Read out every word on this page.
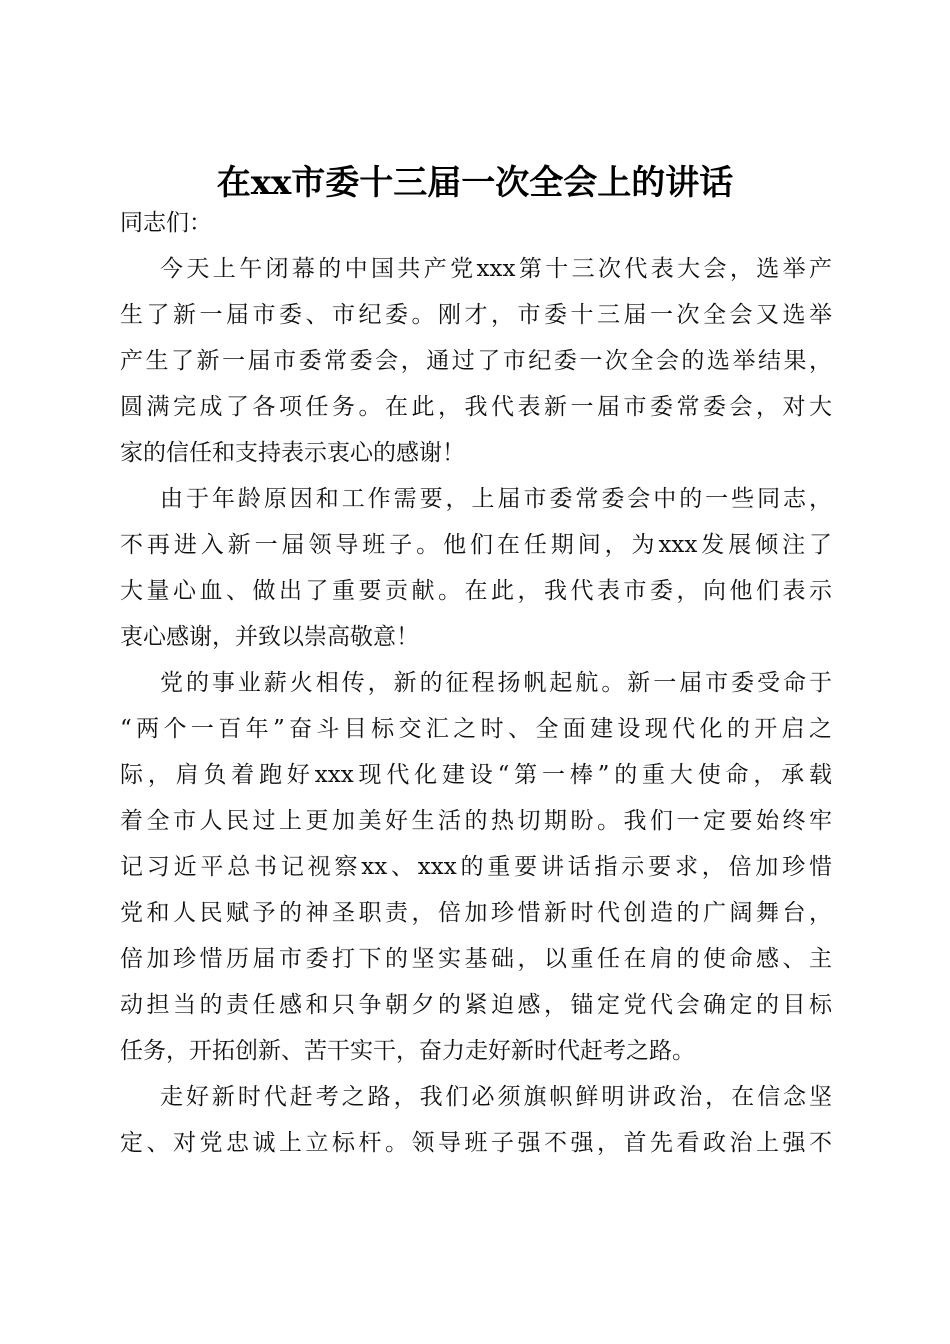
在xx市委十三届一次全会上的讲话
同志们：
今天上午闭幕的中国共产党xxx第十三次代表大会，选举产
生了新一届市委、市纪委。刚才，市委十三届一次全会又选举
产生了新一届市委常委会，通过了市纪委一次全会的选举结果，
圆满完成了各项任务。在此，我代表新一届市委常委会，对大
家的信任和支持表示衷心的感谢！
由于年龄原因和工作需要，上届市委常委会中的一些同志，
不再进入新一届领导班子。他们在任期间，为xxx发展倾注了
大量心血、做出了重要贡献。在此，我代表市委，向他们表示
衷心感谢，并致以崇高敬意！
党的事业薪火相传，新的征程扬帆起航。新一届市委受命于
“两个一百年”奋斗目标交汇之时、全面建设现代化的开启之
际，肩负着跑好xxx现代化建设“第一棒”的重大使命，承载
着全市人民过上更加美好生活的热切期盼。我们一定要始终牢
记习近平总书记视察xx、xxx的重要讲话指示要求，倍加珍惜
党和人民赋予的神圣职责，倍加珍惜新时代创造的广阔舞台，
倍加珍惜历届市委打下的坚实基础，以重任在肩的使命感、主
动担当的责任感和只争朝夕的紧迫感，锚定党代会确定的目标
任务，开拓创新、苦干实干，奋力走好新时代赶考之路。
走好新时代赶考之路，我们必须旗帜鲜明讲政治，在信念坚
定、对党忠诚上立标杆。领导班子强不强，首先看政治上强不
